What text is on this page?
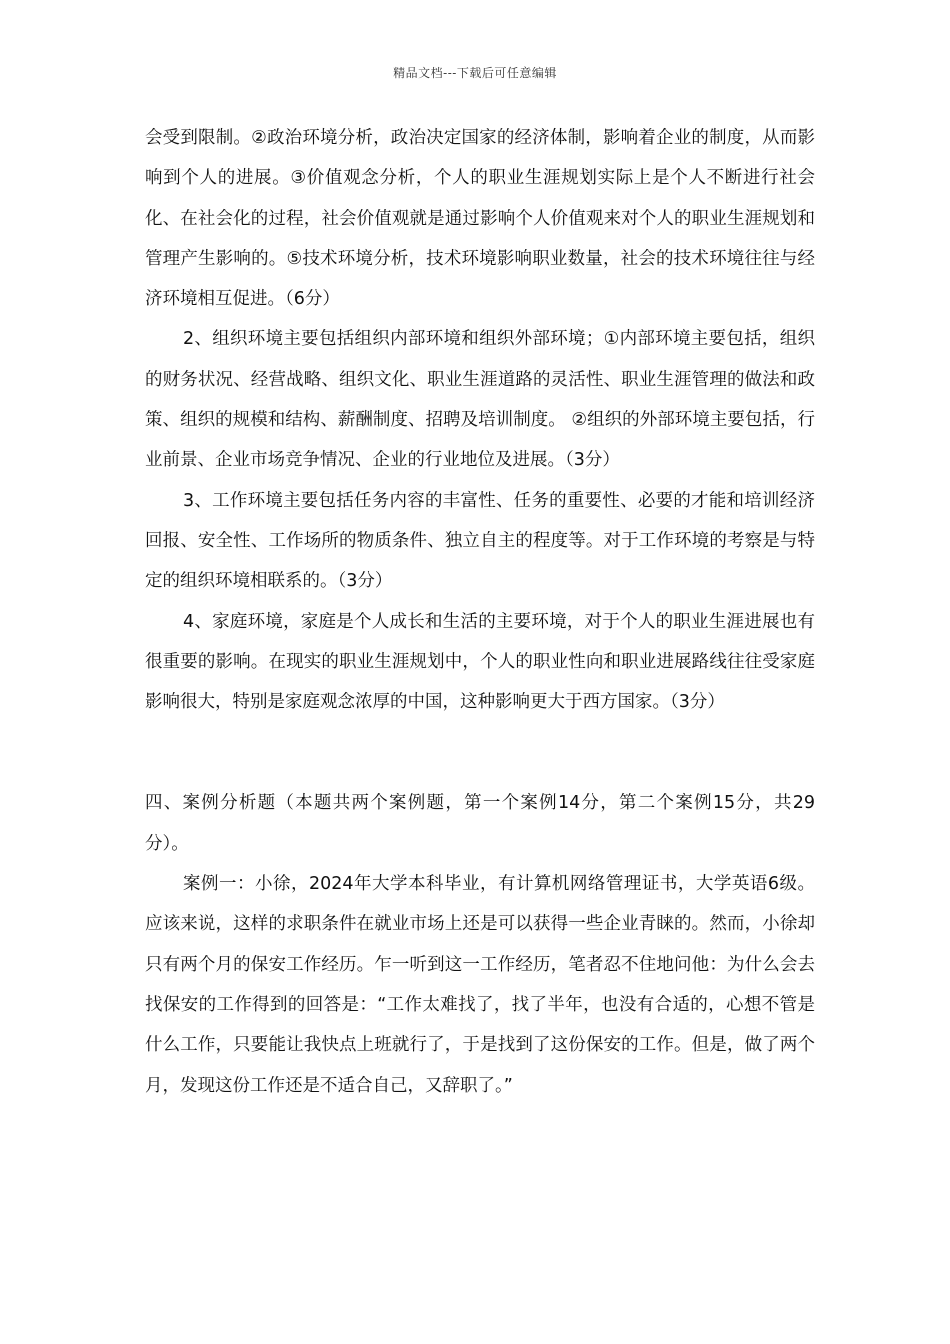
精品文档---下载后可任意编辑

会受到限制。②政治环境分析，政治决定国家的经济体制，影响着企业的制度，从而影响到个人的进展。③价值观念分析，个人的职业生涯规划实际上是个人不断进行社会化、在社会化的过程，社会价值观就是通过影响个人价值观来对个人的职业生涯规划和管理产生影响的。⑤技术环境分析，技术环境影响职业数量，社会的技术环境往往与经济环境相互促进。（6分）

2、组织环境主要包括组织内部环境和组织外部环境；①内部环境主要包括，组织的财务状况、经营战略、组织文化、职业生涯道路的灵活性、职业生涯管理的做法和政策、组织的规模和结构、薪酬制度、招聘及培训制度。 ②组织的外部环境主要包括，行业前景、企业市场竞争情况、企业的行业地位及进展。（3分）

3、工作环境主要包括任务内容的丰富性、任务的重要性、必要的才能和培训经济回报、安全性、工作场所的物质条件、独立自主的程度等。对于工作环境的考察是与特定的组织环境相联系的。（3分）

4、家庭环境，家庭是个人成长和生活的主要环境，对于个人的职业生涯进展也有很重要的影响。在现实的职业生涯规划中，个人的职业性向和职业进展路线往往受家庭影响很大，特别是家庭观念浓厚的中国，这种影响更大于西方国家。（3分）

四、案例分析题（本题共两个案例题，第一个案例14分，第二个案例15分，共29分）。

案例一：小徐，2024年大学本科毕业，有计算机网络管理证书，大学英语6级。应该来说，这样的求职条件在就业市场上还是可以获得一些企业青睐的。然而，小徐却只有两个月的保安工作经历。乍一听到这一工作经历，笔者忍不住地问他：为什么会去找保安的工作得到的回答是：“工作太难找了，找了半年，也没有合适的，心想不管是什么工作，只要能让我快点上班就行了，于是找到了这份保安的工作。但是，做了两个月，发现这份工作还是不适合自己，又辞职了。”
